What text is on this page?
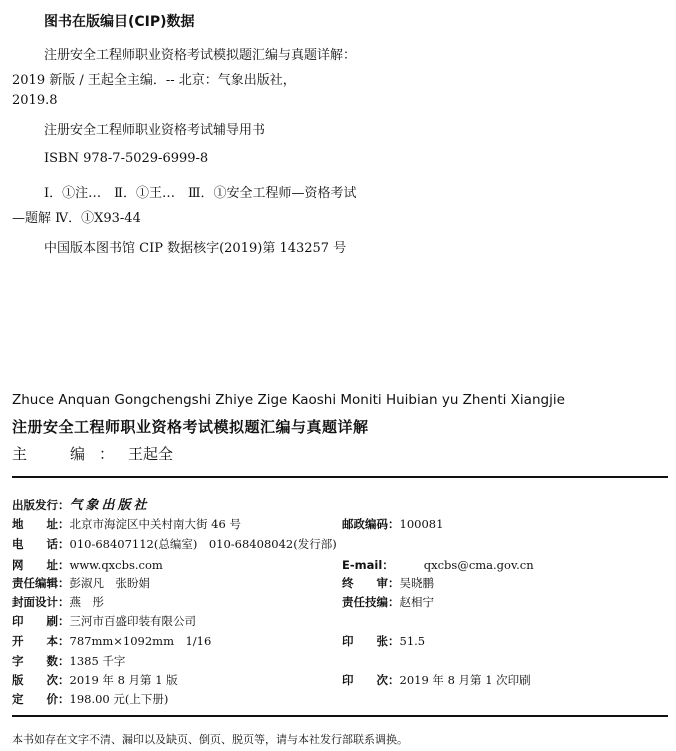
图书在版编目(CIP)数据
注册安全工程师职业资格考试模拟题汇编与真题详解：
2019 新版 / 王起全主编．-- 北京：气象出版社，
2019.8
注册安全工程师职业资格考试辅导用书
ISBN 978-7-5029-6999-8
Ⅰ．①注…　Ⅱ．①王…　Ⅲ．①安全工程师—资格考试
—题解 Ⅳ．①X93-44
中国版本图书馆 CIP 数据核字(2019)第 143257 号
Zhuce Anquan Gongchengshi Zhiye Zige Kaoshi Moniti Huibian yu Zhenti Xiangjie
注册安全工程师职业资格考试模拟题汇编与真题详解
主　编：王起全
出版发行：气象出版社
地　　址：北京市海淀区中关村南大街 46 号	邮政编码：100081
电　　话：010-68407112(总编室)　010-68408042(发行部)
网　　址：www.qxcbs.com	E-mail：	qxcbs@cma.gov.cn
责任编辑：彭淑凡　张盼娟	终　　审：吴晓鹏
封面设计：燕　彤	责任技编：赵相宁
印　　刷：三河市百盛印装有限公司
开　　本：787mm×1092mm　1/16	印　　张：51.5
字　　数：1385 千字
版　　次：2019 年 8 月第 1 版	印　　次：2019 年 8 月第 1 次印刷
定　　价：198.00 元(上下册)
本书如存在文字不清、漏印以及缺页、倒页、脱页等，请与本社发行部联系调换。
